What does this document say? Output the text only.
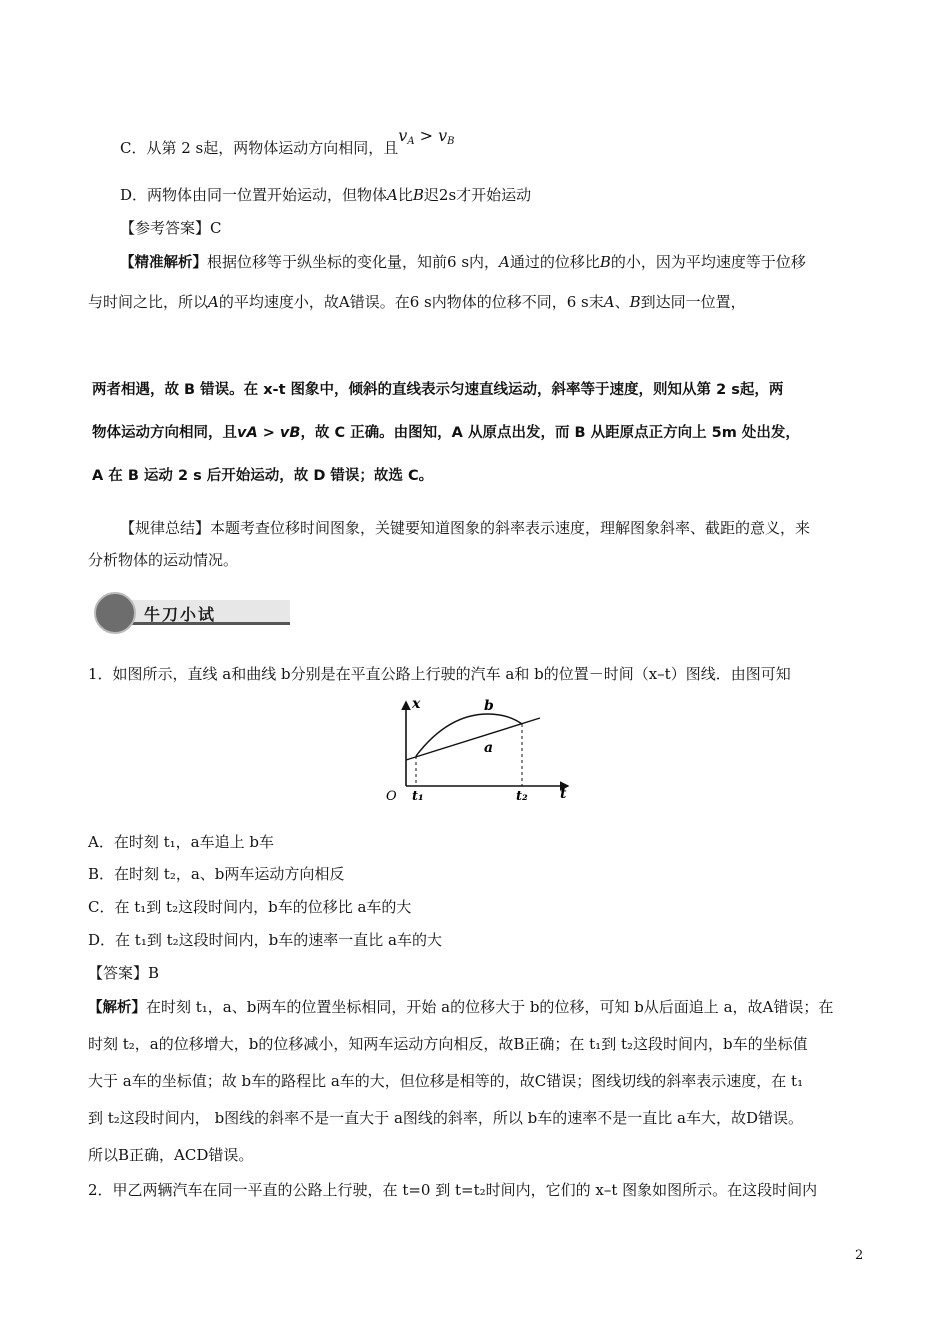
C．从第 2 s起，两物体运动方向相同，且$v_A > v_B$
D．两物体由同一位置开始运动，但物体A比B迟2s才开始运动
【参考答案】C
【精准解析】根据位移等于纵坐标的变化量，知前6 s内，A通过的位移比B的小，因为平均速度等于位移
与时间之比，所以A的平均速度小，故A错误。在6 s内物体的位移不同，6 s末A、B到达同一位置，
两者相遇，故 B 错误。在 x-t 图象中，倾斜的直线表示匀速直线运动，斜率等于速度，则知从第 2 s起，两
物体运动方向相同，且vA > vB，故 C 正确。由图知，A 从原点出发，而 B 从距原点正方向上 5m 处出发，
A 在 B 运动 2 s 后开始运动，故 D 错误；故选 C。
【规律总结】本题考查位移时间图象，关键要知道图象的斜率表示速度，理解图象斜率、截距的意义，来
分析物体的运动情况。
牛刀小试
1．如图所示，直线 a和曲线 b分别是在平直公路上行驶的汽车 a和 b的位置－时间（x–t）图线．由图可知
x
t
O
b
a
t₁	t₂
A．在时刻 t₁，a车追上 b车
B．在时刻 t₂，a、b两车运动方向相反
C．在 t₁到 t₂这段时间内，b车的位移比 a车的大
D．在 t₁到 t₂这段时间内，b车的速率一直比 a车的大
【答案】B
【解析】在时刻 t₁，a、b两车的位置坐标相同，开始 a的位移大于 b的位移，可知 b从后面追上 a，故A错误；在
时刻 t₂，a的位移增大，b的位移减小，知两车运动方向相反，故B正确；在 t₁到 t₂这段时间内，b车的坐标值
大于 a车的坐标值；故 b车的路程比 a车的大，但位移是相等的，故C错误；图线切线的斜率表示速度，在 t₁
到 t₂这段时间内， b图线的斜率不是一直大于 a图线的斜率，所以 b车的速率不是一直比 a车大，故D错误。
所以B正确，ACD错误。
2．甲乙两辆汽车在同一平直的公路上行驶，在 t=0 到 t=t₂时间内，它们的 x–t 图象如图所示。在这段时间内
2
